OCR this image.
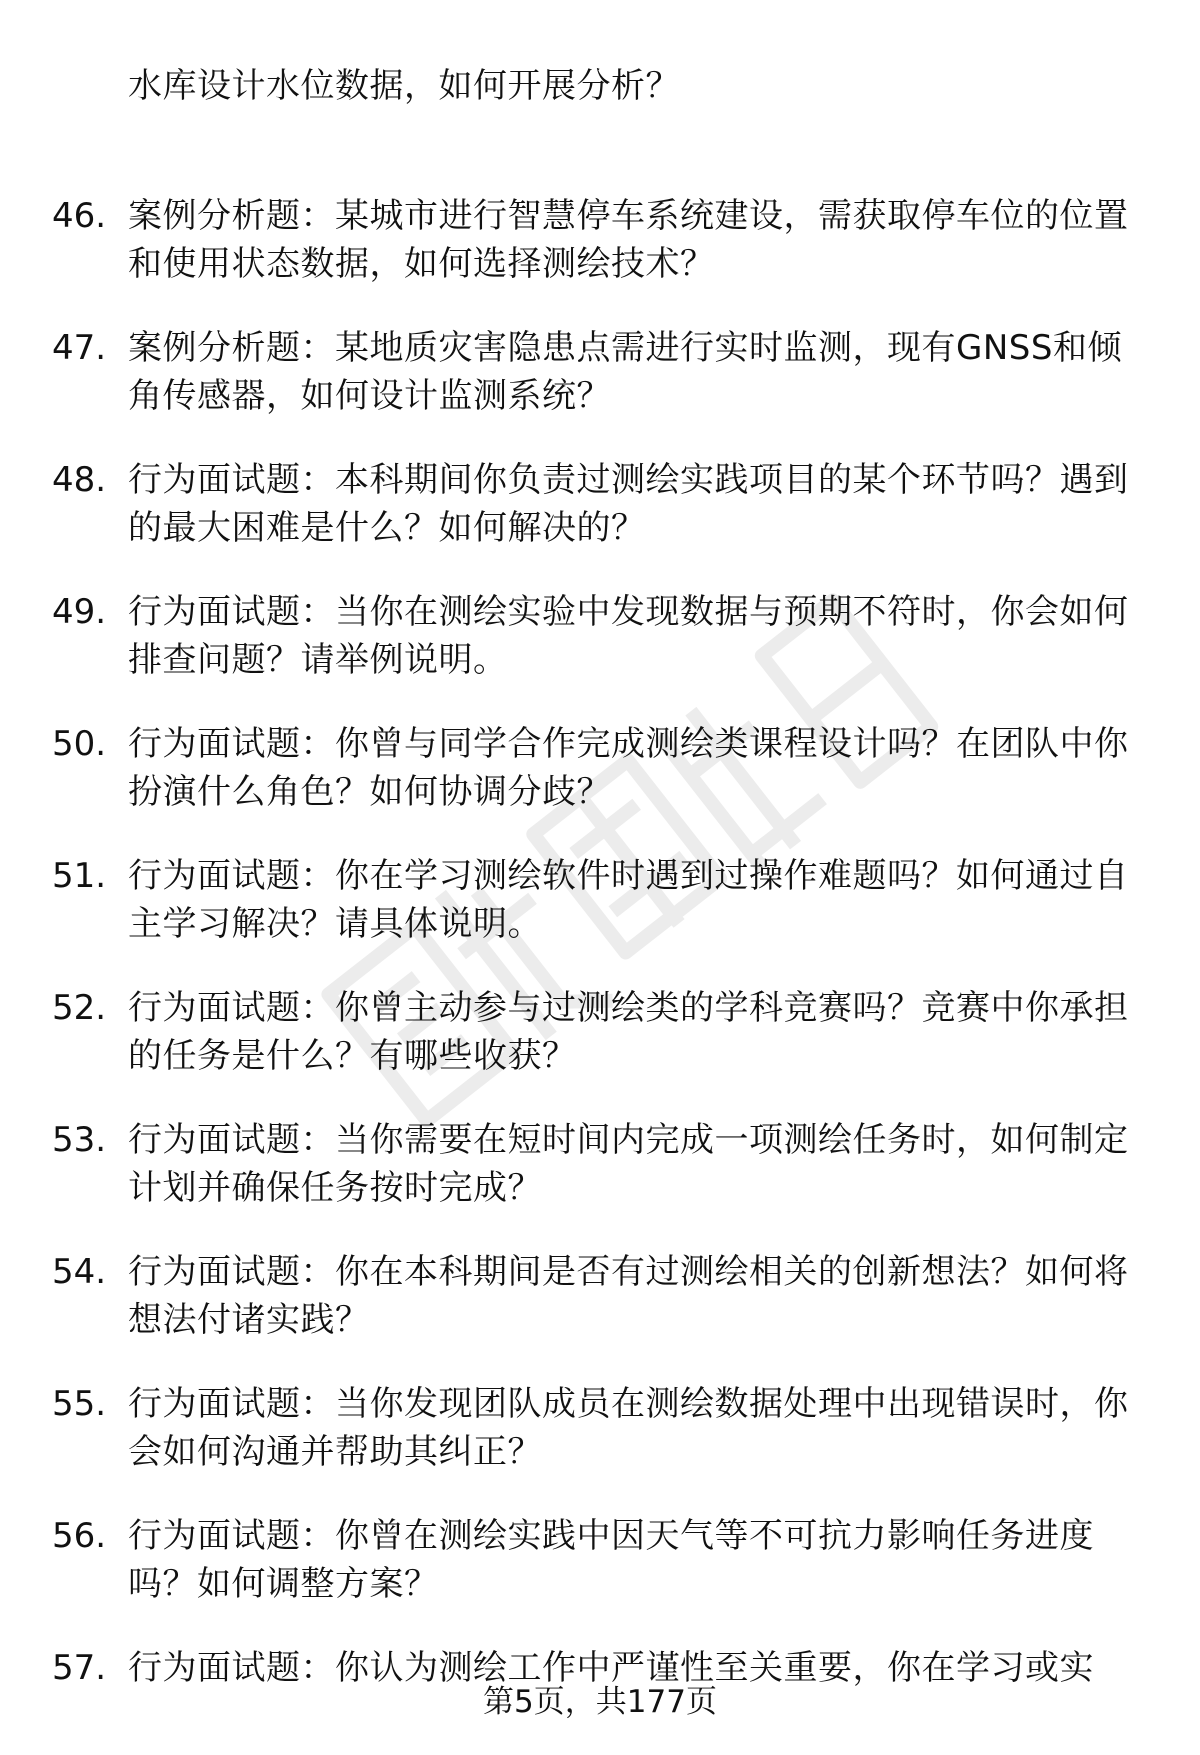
水库设计水位数据，如何开展分析？
46. 案例分析题：某城市进行智慧停车系统建设，需获取停车位的位置和使用状态数据，如何选择测绘技术？
47. 案例分析题：某地质灾害隐患点需进行实时监测，现有GNSS和倾角传感器，如何设计监测系统？
48. 行为面试题：本科期间你负责过测绘实践项目的某个环节吗？遇到的最大困难是什么？如何解决的？
49. 行为面试题：当你在测绘实验中发现数据与预期不符时，你会如何排查问题？请举例说明。
50. 行为面试题：你曾与同学合作完成测绘类课程设计吗？在团队中你扮演什么角色？如何协调分歧？
51. 行为面试题：你在学习测绘软件时遇到过操作难题吗？如何通过自主学习解决？请具体说明。
52. 行为面试题：你曾主动参与过测绘类的学科竞赛吗？竞赛中你承担的任务是什么？有哪些收获？
53. 行为面试题：当你需要在短时间内完成一项测绘任务时，如何制定计划并确保任务按时完成？
54. 行为面试题：你在本科期间是否有过测绘相关的创新想法？如何将想法付诸实践？
55. 行为面试题：当你发现团队成员在测绘数据处理中出现错误时，你会如何沟通并帮助其纠正？
56. 行为面试题：你曾在测绘实践中因天气等不可抗力影响任务进度吗？如何调整方案？
57. 行为面试题：你认为测绘工作中严谨性至关重要，你在学习或实
第5页，共177页
